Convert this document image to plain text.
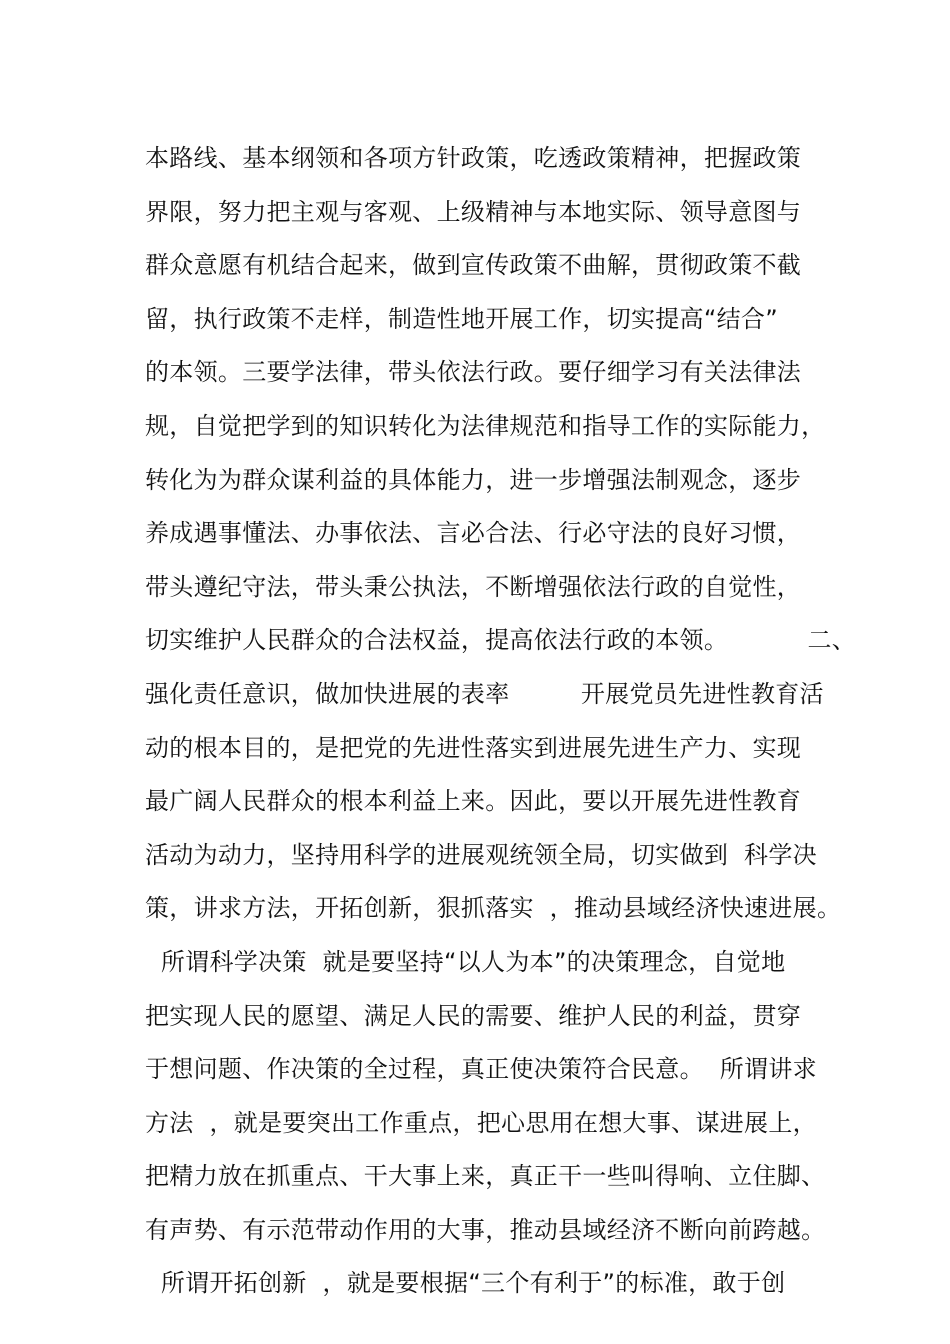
本路线、基本纲领和各项方针政策，吃透政策精神，把握政策
界限，努力把主观与客观、上级精神与本地实际、领导意图与
群众意愿有机结合起来，做到宣传政策不曲解，贯彻政策不截
留，执行政策不走样，制造性地开展工作，切实提高“结合”
的本领。三要学法律，带头依法行政。要仔细学习有关法律法
规，自觉把学到的知识转化为法律规范和指导工作的实际能力，
转化为为群众谋利益的具体能力，进一步增强法制观念，逐步
养成遇事懂法、办事依法、言必合法、行必守法的良好习惯，
带头遵纪守法，带头秉公执法，不断增强依法行政的自觉性，
切实维护人民群众的合法权益，提高依法行政的本领。          二、
强化责任意识，做加快进展的表率         开展党员先进性教育活
动的根本目的，是把党的先进性落实到进展先进生产力、实现
最广阔人民群众的根本利益上来。因此，要以开展先进性教育
活动为动力，坚持用科学的进展观统领全局，切实做到  科学决
策，讲求方法，开拓创新，狠抓落实  ，推动县域经济快速进展。
所谓科学决策  就是要坚持“以人为本”的决策理念，自觉地
把实现人民的愿望、满足人民的需要、维护人民的利益，贯穿
于想问题、作决策的全过程，真正使决策符合民意。  所谓讲求
方法  ，就是要突出工作重点，把心思用在想大事、谋进展上，
把精力放在抓重点、干大事上来，真正干一些叫得响、立住脚、
有声势、有示范带动作用的大事，推动县域经济不断向前跨越。
所谓开拓创新  ，就是要根据“三个有利于”的标准，敢于创
